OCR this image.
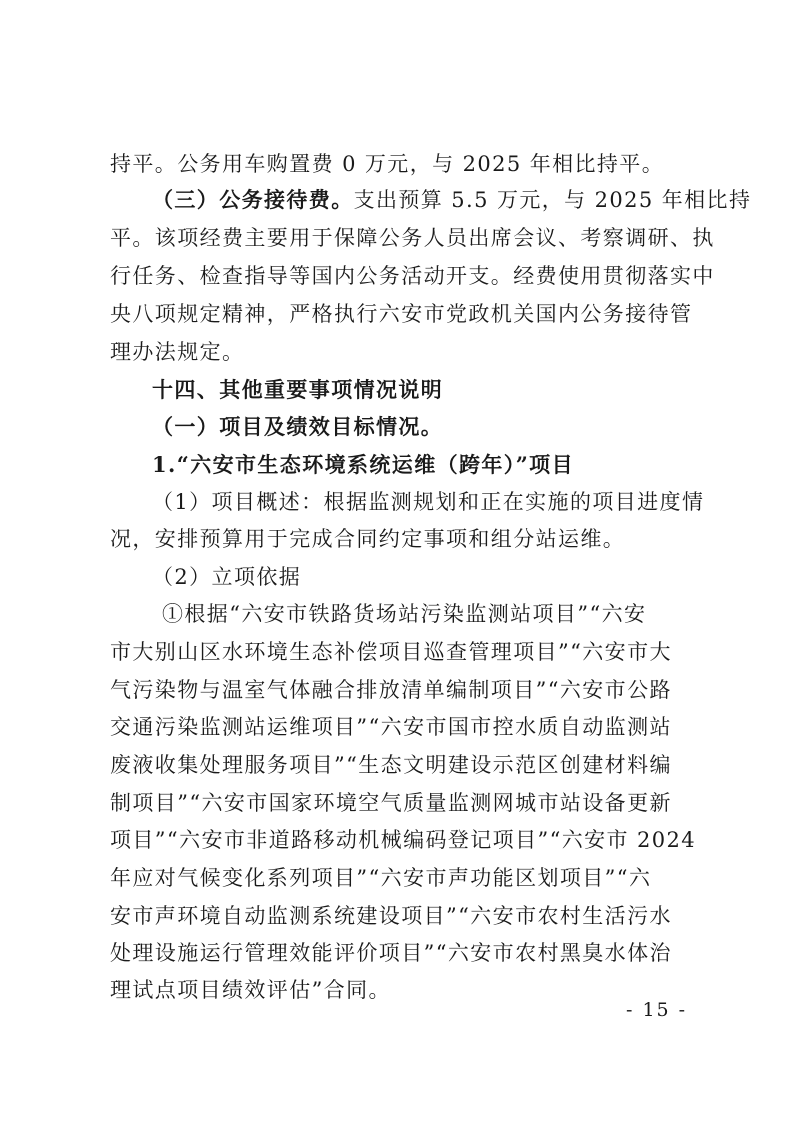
持平。公务用车购置费 0 万元，与 2025 年相比持平。
（三）公务接待费。支出预算 5.5 万元，与 2025 年相比持
平。该项经费主要用于保障公务人员出席会议、考察调研、执
行任务、检查指导等国内公务活动开支。经费使用贯彻落实中
央八项规定精神，严格执行六安市党政机关国内公务接待管
理办法规定。
十四、其他重要事项情况说明
（一）项目及绩效目标情况。
1.“六安市生态环境系统运维（跨年）”项目
（1）项目概述：根据监测规划和正在实施的项目进度情
况，安排预算用于完成合同约定事项和组分站运维。
（2）立项依据
①根据“六安市铁路货场站污染监测站项目”“六安
市大别山区水环境生态补偿项目巡查管理项目”“六安市大
气污染物与温室气体融合排放清单编制项目”“六安市公路
交通污染监测站运维项目”“六安市国市控水质自动监测站
废液收集处理服务项目”“生态文明建设示范区创建材料编
制项目”“六安市国家环境空气质量监测网城市站设备更新
项目”“六安市非道路移动机械编码登记项目”“六安市 2024
年应对气候变化系列项目”“六安市声功能区划项目”“六
安市声环境自动监测系统建设项目”“六安市农村生活污水
处理设施运行管理效能评价项目”“六安市农村黑臭水体治
理试点项目绩效评估”合同。
- 15 -
